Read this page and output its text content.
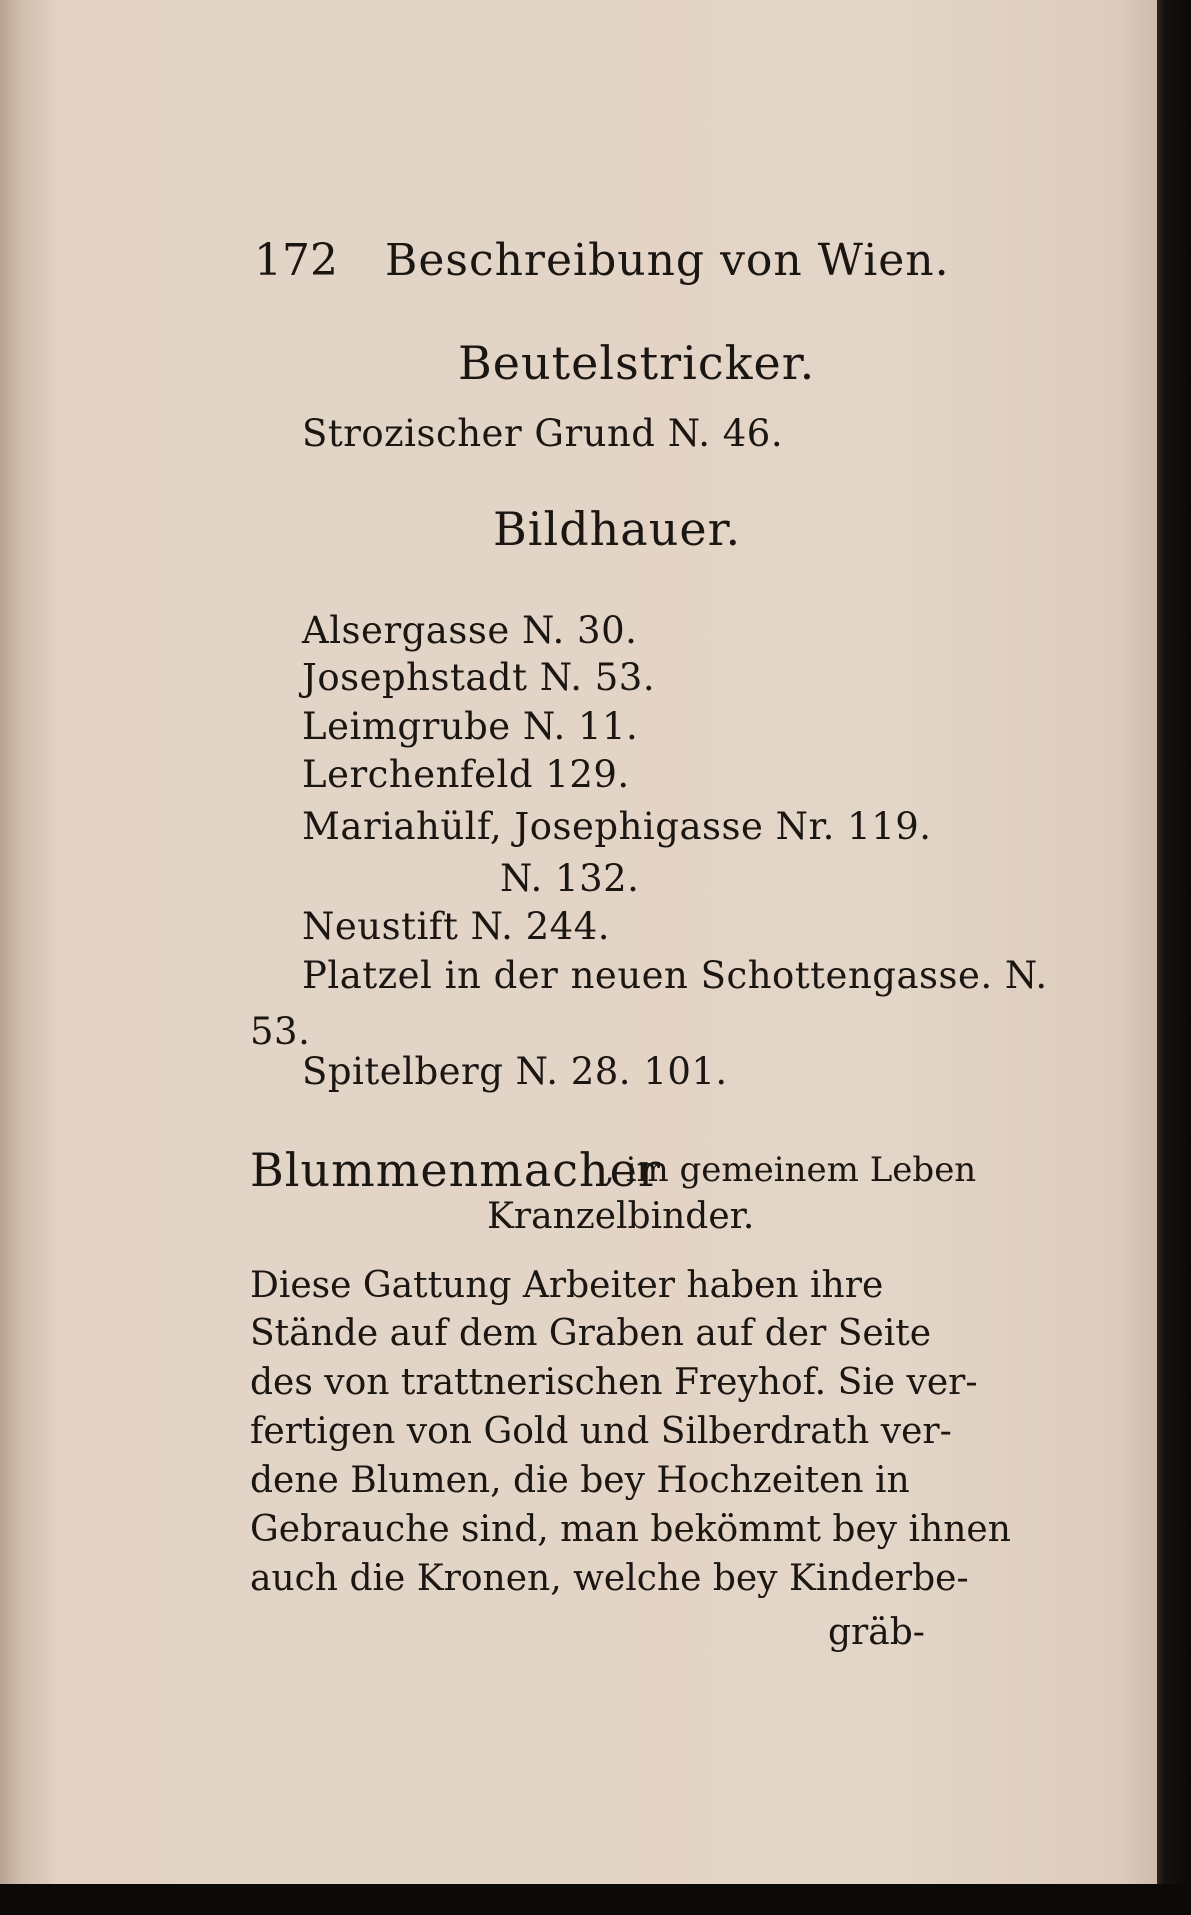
172 Beschreibung von Wien.
Beutelstricker.
Strozischer Grund N. 46.
Bildhauer.
Alsergasse N. 30.
Josephstadt N. 53.
Leimgrube N. 11.
Lerchenfeld 129.
Mariahülf, Josephigasse Nr. 119.
N. 132.
Neustift N. 244.
Platzel in der neuen Schottengasse. N.
53.
Spitelberg N. 28. 101.
Blummenmacher
, im gemeinem Leben
Kranzelbinder.
Diese Gattung Arbeiter haben ihre
Stände auf dem Graben auf der Seite
des von trattnerischen Freyhof. Sie ver-
fertigen von Gold und Silberdrath ver-
dene Blumen, die bey Hochzeiten in
Gebrauche sind, man bekömmt bey ihnen
auch die Kronen, welche bey Kinderbe-
gräb-
